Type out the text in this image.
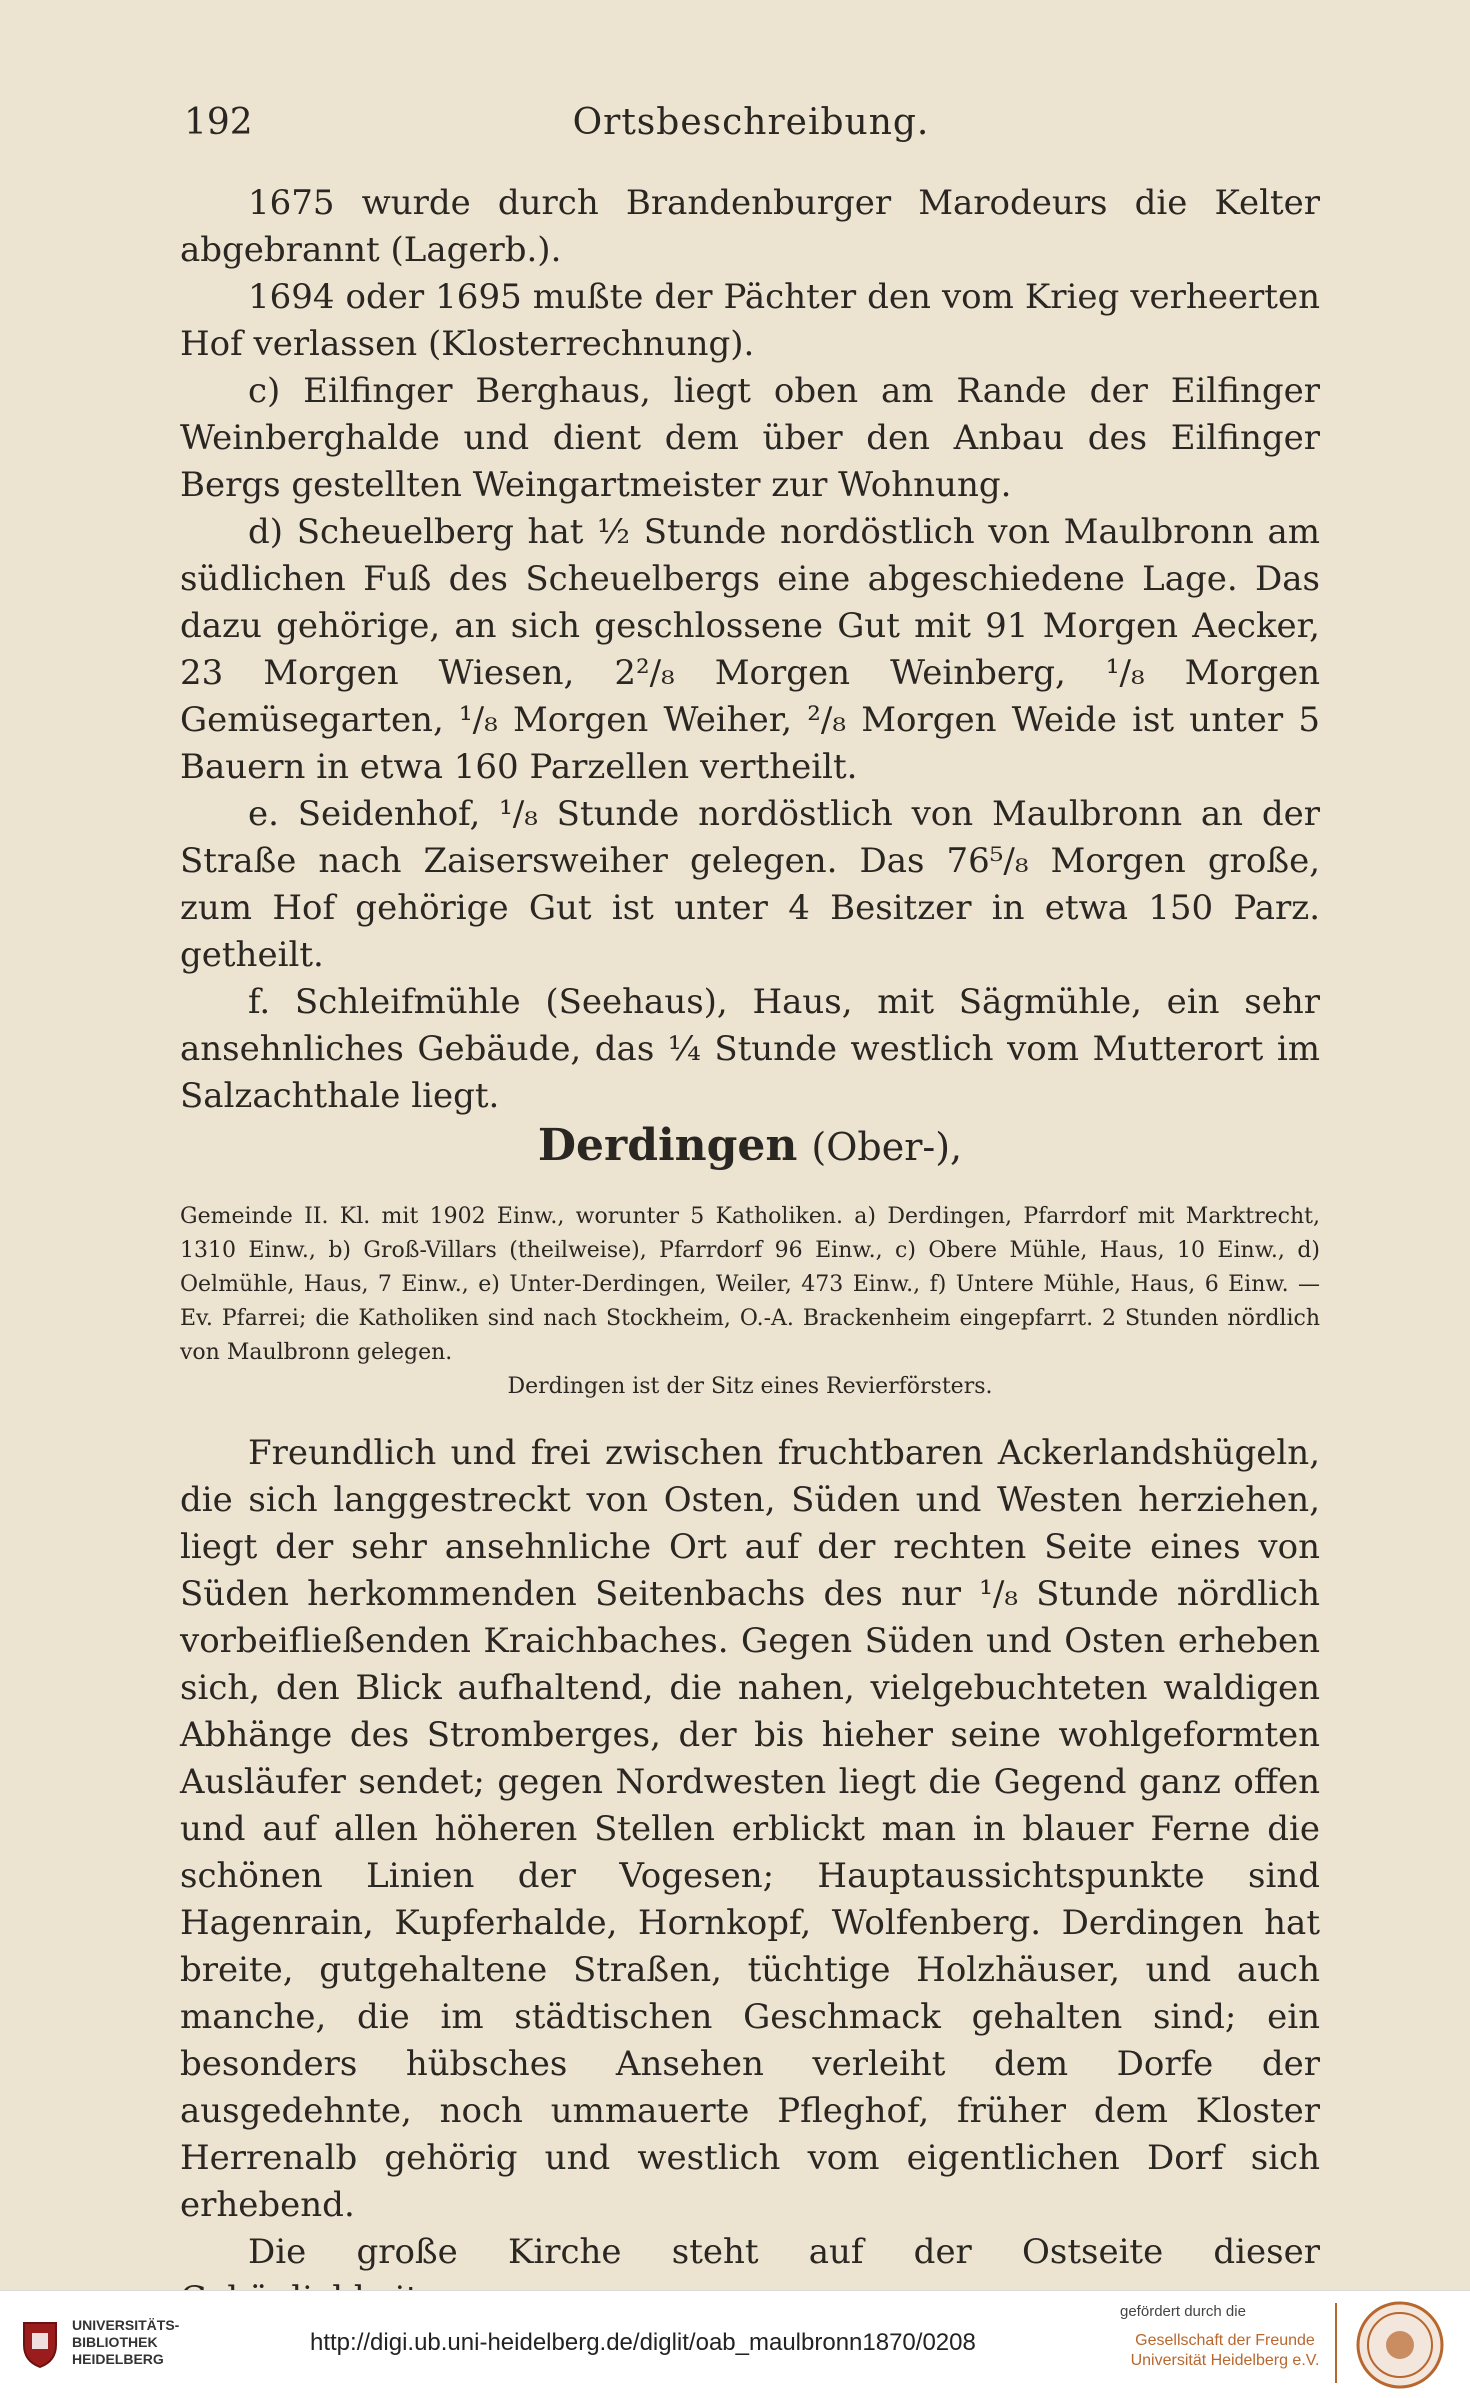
192	Ortsbeschreibung.

1675 wurde durch Brandenburger Marodeurs die Kelter abgebrannt (Lagerb.).

1694 oder 1695 mußte der Pächter den vom Krieg verheerten Hof verlassen (Klosterrechnung).

c) Eilfinger Berghaus, liegt oben am Rande der Eilfinger Weinberghalde und dient dem über den Anbau des Eilfinger Bergs gestellten Weingartmeister zur Wohnung.

d) Scheuelberg hat ½ Stunde nordöstlich von Maulbronn am südlichen Fuß des Scheuelbergs eine abgeschiedene Lage. Das dazu gehörige, an sich geschlossene Gut mit 91 Morgen Aecker, 23 Morgen Wiesen, 2²/₈ Morgen Weinberg, ¹/₈ Morgen Gemüsegarten, ¹/₈ Morgen Weiher, ²/₈ Morgen Weide ist unter 5 Bauern in etwa 160 Parzellen vertheilt.

e. Seidenhof, ¹/₈ Stunde nordöstlich von Maulbronn an der Straße nach Zaisersweiher gelegen. Das 76⁵/₈ Morgen große, zum Hof gehörige Gut ist unter 4 Besitzer in etwa 150 Parz. getheilt.

f. Schleifmühle (Seehaus), Haus, mit Sägmühle, ein sehr ansehnliches Gebäude, das ¼ Stunde westlich vom Mutterort im Salzachthale liegt.

Derdingen (Ober-),

Gemeinde II. Kl. mit 1902 Einw., worunter 5 Katholiken. a) Derdingen, Pfarrdorf mit Marktrecht, 1310 Einw., b) Groß-Villars (theilweise), Pfarrdorf 96 Einw., c) Obere Mühle, Haus, 10 Einw., d) Oelmühle, Haus, 7 Einw., e) Unter-Derdingen, Weiler, 473 Einw., f) Untere Mühle, Haus, 6 Einw. — Ev. Pfarrei; die Katholiken sind nach Stockheim, O.-A. Brackenheim eingepfarrt. 2 Stunden nördlich von Maulbronn gelegen.

Derdingen ist der Sitz eines Revierförsters.

Freundlich und frei zwischen fruchtbaren Ackerlandshügeln, die sich langgestreckt von Osten, Süden und Westen herziehen, liegt der sehr ansehnliche Ort auf der rechten Seite eines von Süden herkommenden Seitenbachs des nur ¹/₈ Stunde nördlich vorbeifließenden Kraichbaches. Gegen Süden und Osten erheben sich, den Blick aufhaltend, die nahen, vielgebuchteten waldigen Abhänge des Stromberges, der bis hieher seine wohlgeformten Ausläufer sendet; gegen Nordwesten liegt die Gegend ganz offen und auf allen höheren Stellen erblickt man in blauer Ferne die schönen Linien der Vogesen; Hauptaussichtspunkte sind Hagenrain, Kupferhalde, Hornkopf, Wolfenberg. Derdingen hat breite, gutgehaltene Straßen, tüchtige Holzhäuser, und auch manche, die im städtischen Geschmack gehalten sind; ein besonders hübsches Ansehen verleiht dem Dorfe der ausgedehnte, noch ummauerte Pfleghof, früher dem Kloster Herrenalb gehörig und westlich vom eigentlichen Dorf sich erhebend.

Die große Kirche steht auf der Ostseite dieser

UNIVERSITÄTS-
BIBLIOTHEK
HEIDELBERG
http://digi.ub.uni-heidelberg.de/diglit/oab_maulbronn1870/0208
gefördert durch die
Gesellschaft der Freunde
Universität Heidelberg e.V.
